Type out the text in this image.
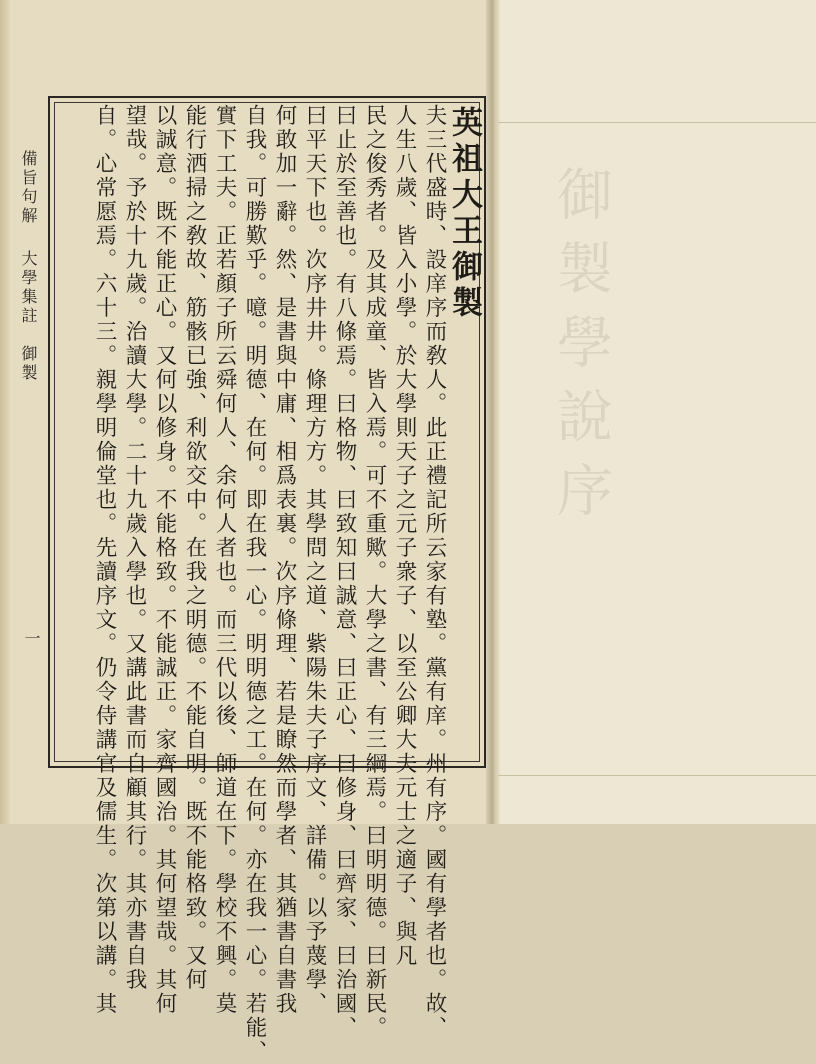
御製學說序
備旨句解
大學集註　御製
一
英祖大王御製
夫三代盛時、設庠序而敎人。此正禮記所云家有塾。黨有庠。州有序。國有學者也。故、
人生八歲、皆入小學。於大學則天子之元子衆子、以至公卿大夫元士之適子、與凡
民之俊秀者。及其成童、皆入焉。可不重歟。大學之書、有三綱焉。曰明明德。曰新民。
曰止於至善也。有八條焉。曰格物、曰致知曰誠意、曰正心、曰修身、曰齊家、曰治國、
曰平天下也。次序井井。條理方方。其學問之道、紫陽朱夫子序文、詳備。以予蔑學、
何敢加一辭。然、是書與中庸、相爲表裏。次序條理、若是瞭然而學者、其猶書自書我
自我。可勝歎乎。噫。明德、在何。即在我一心。明明德之工。在何。亦在我一心。若能、
實下工夫。正若顏子所云舜何人、余何人者也。而三代以後、師道在下。學校不興。莫
能行洒掃之敎故、筋骸已強、利欲交中。在我之明德。不能自明。既不能格致。又何
以誠意。既不能正心。又何以修身。不能格致。不能誠正。家齊國治。其何望哉。其何
望哉。予於十九歲。治讀大學。二十九歲入學也。又講此書而自顧其行。其亦書自我
自。心常愿焉。六十三。親學明倫堂也。先讀序文。仍令侍講官及儒生。次第以講。其
